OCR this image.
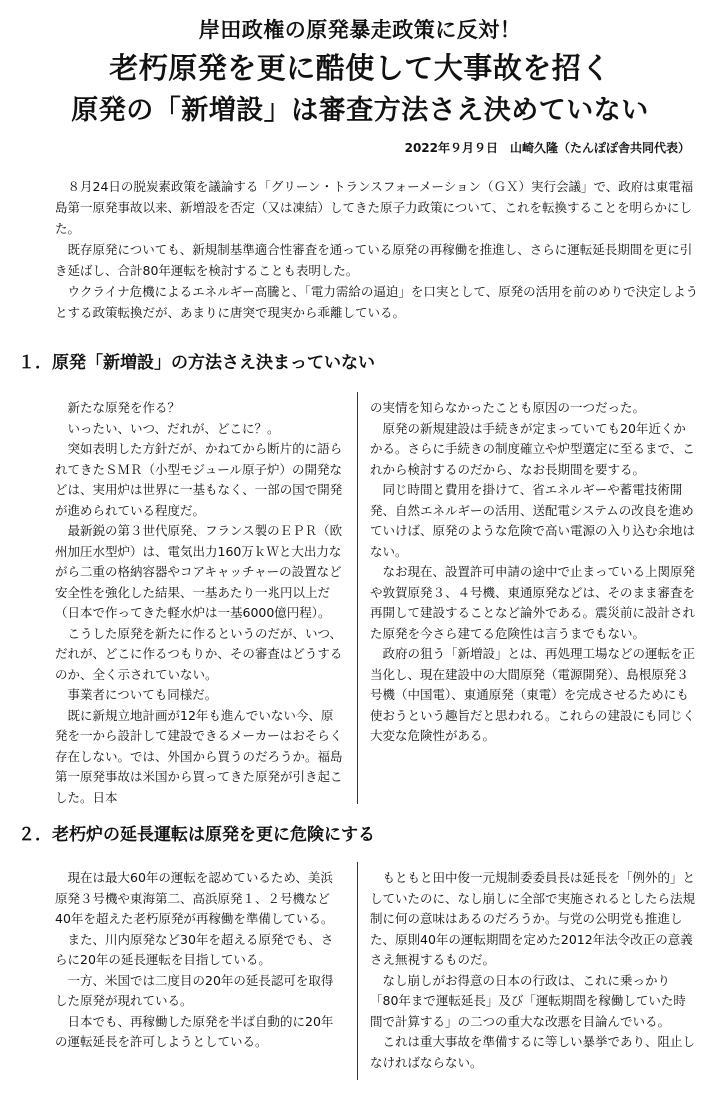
岸田政権の原発暴走政策に反対！
老朽原発を更に酷使して大事故を招く
原発の「新増設」は審査方法さえ決めていない
2022年９月９日　山崎久隆（たんぽぽ舎共同代表）

　８月24日の脱炭素政策を議論する「グリーン・トランスフォーメーション（ＧＸ）実行会議」で、政府は東電福島第一原発事故以来、新増設を否定（又は凍結）してきた原子力政策について、これを転換することを明らかにした。

　既存原発についても、新規制基準適合性審査を通っている原発の再稼働を推進し、さらに運転延長期間を更に引き延ばし、合計80年運転を検討することも表明した。

　ウクライナ危機によるエネルギー高騰と、「電力需給の逼迫」を口実として、原発の活用を前のめりで決定しようとする政策転換だが、あまりに唐突で現実から乖離している。

１．原発「新増設」の方法さえ決まっていない

　新たな原発を作る？

　いったい、いつ、だれが、どこに？。

　突如表明した方針だが、かねてから断片的に語られてきたＳＭＲ（小型モジュール原子炉）の開発などは、実用炉は世界に一基もなく、一部の国で開発が進められている程度だ。

　最新鋭の第３世代原発、フランス製のＥＰＲ（欧州加圧水型炉）は、電気出力160万ｋＷと大出力ながら二重の格納容器やコアキャッチャーの設置など安全性を強化した結果、一基あたり一兆円以上だ（日本で作ってきた軽水炉は一基6000億円程）。

　こうした原発を新たに作るというのだが、いつ、だれが、どこに作るつもりか、その審査はどうするのか、全く示されていない。

　事業者についても同様だ。

　既に新規立地計画が12年も進んでいない今、原発を一から設計して建設できるメーカーはおそらく存在しない。では、外国から買うのだろうか。福島第一原発事故は米国から買ってきた原発が引き起こした。日本

の実情を知らなかったことも原因の一つだった。

　原発の新規建設は手続きが定まっていても20年近くかかる。さらに手続きの制度確立や炉型選定に至るまで、これから検討するのだから、なお長期間を要する。

　同じ時間と費用を掛けて、省エネルギーや蓄電技術開発、自然エネルギーの活用、送配電システムの改良を進めていけば、原発のような危険で高い電源の入り込む余地はない。

　なお現在、設置許可申請の途中で止まっている上関原発や敦賀原発３、４号機、東通原発などは、そのまま審査を再開して建設することなど論外である。震災前に設計された原発を今さら建てる危険性は言うまでもない。

　政府の狙う「新増設」とは、再処理工場などの運転を正当化し、現在建設中の大間原発（電源開発）、島根原発３号機（中国電）、東通原発（東電）を完成させるためにも使おうという趣旨だと思われる。これらの建設にも同じく大変な危険性がある。

２．老朽炉の延長運転は原発を更に危険にする

　現在は最大60年の運転を認めているため、美浜原発３号機や東海第二、高浜原発１、２号機など40年を超えた老朽原発が再稼働を準備している。

　また、川内原発など30年を超える原発でも、さらに20年の延長運転を目指している。

　一方、米国では二度目の20年の延長認可を取得した原発が現れている。

　日本でも、再稼働した原発を半ば自動的に20年の運転延長を許可しようとしている。

　もともと田中俊一元規制委委員長は延長を「例外的」としていたのに、なし崩しに全部で実施されるとしたら法規制に何の意味はあるのだろうか。与党の公明党も推進した、原則40年の運転期間を定めた2012年法令改正の意義さえ無視するものだ。

　なし崩しがお得意の日本の行政は、これに乗っかり「80年まで運転延長」及び「運転期間を稼働していた時間で計算する」の二つの重大な改悪を目論んでいる。

　これは重大事故を準備するに等しい暴挙であり、阻止しなければならない。
